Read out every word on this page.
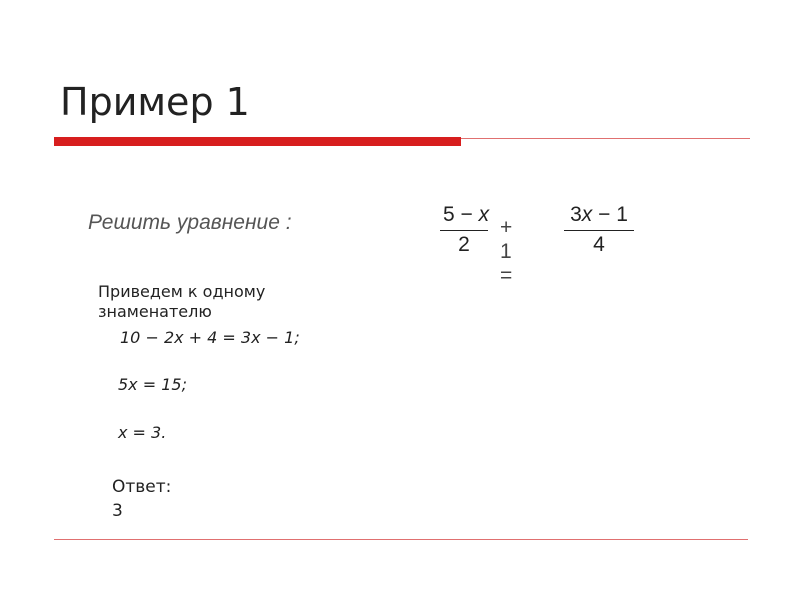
Пример 1
Решить уравнение :	5 − x
2
+ 1 =
3x − 1
4
Приведем к одному знаменателю
10 − 2х + 4 = 3х − 1;
5х = 15;
х = 3.
Ответ:
3
